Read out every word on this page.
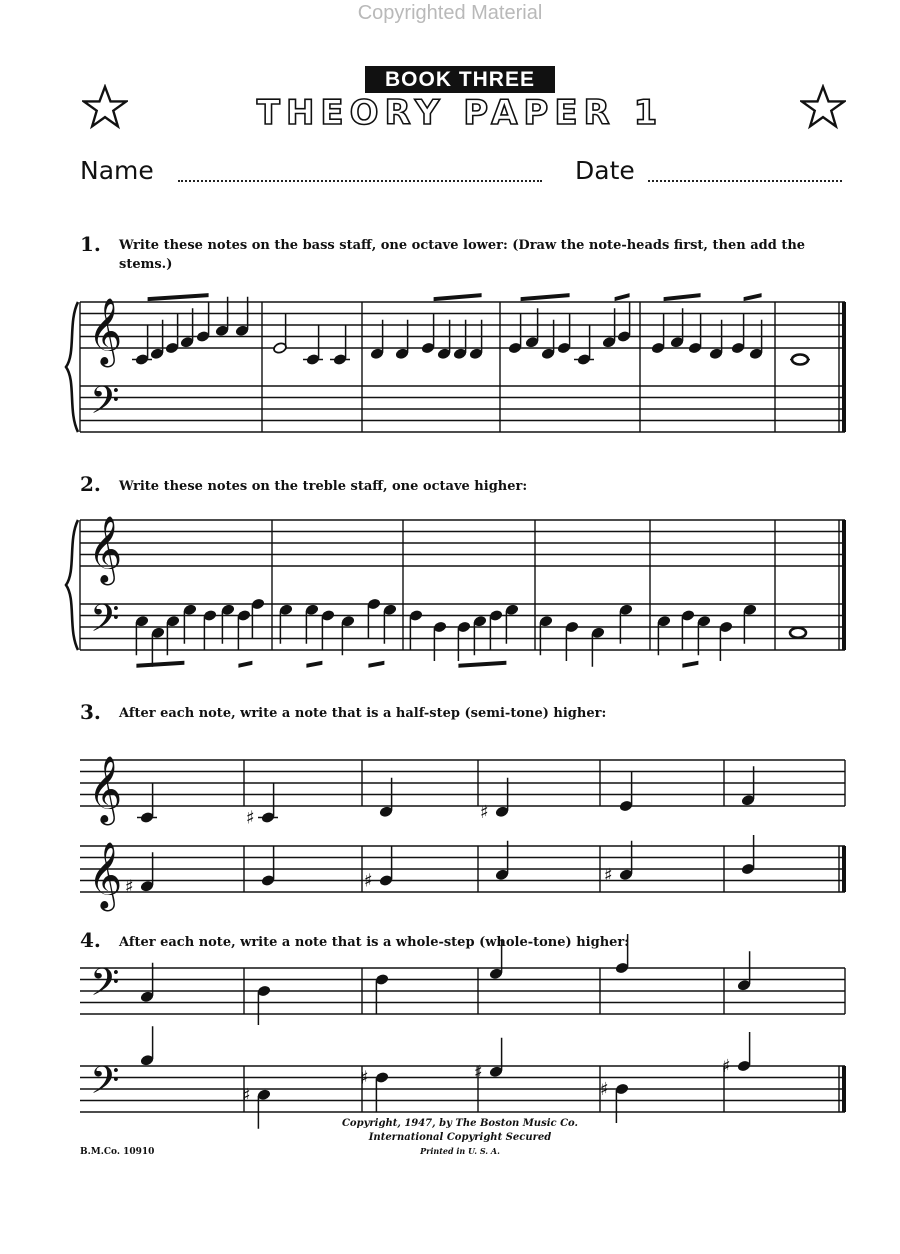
Copyrighted Material
BOOK THREE
THEORY PAPER 1
Name	Date
1. Write these notes on the bass staff, one octave lower: (Draw the note-heads first, then add the stems.)
2. Write these notes on the treble staff, one octave higher:
3. After each note, write a note that is a half-step (semi-tone) higher:
4. After each note, write a note that is a whole-step (whole-tone) higher:
𝄞
𝄢
𝄞
𝄢
𝄞
𝄞
♯	♯
♯	♯	♯
𝄢
𝄢	♯
♯	♯
♯
♯
Copyright, 1947, by The Boston Music Co.
International Copyright Secured
Printed in U. S. A.
B.M.Co. 10910
